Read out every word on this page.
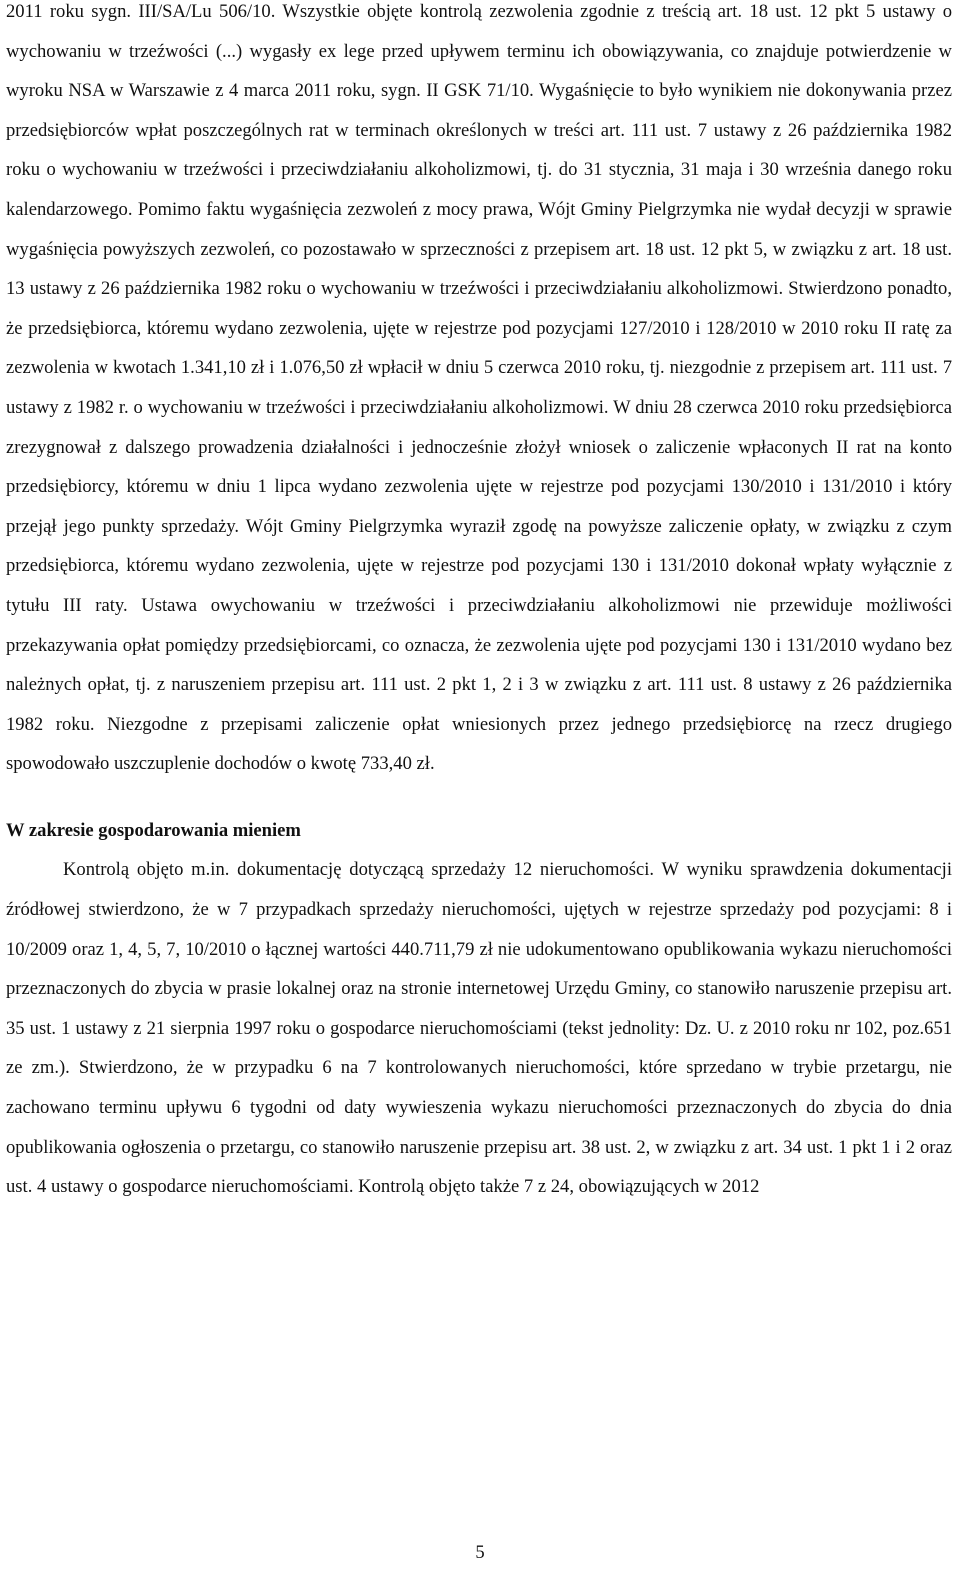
2011 roku sygn. III/SA/Lu 506/10. Wszystkie objęte kontrolą zezwolenia zgodnie z treścią art. 18 ust. 12 pkt 5 ustawy o wychowaniu w trzeźwości (...) wygasły ex lege przed upływem terminu ich obowiązywania, co znajduje potwierdzenie w wyroku NSA w Warszawie z 4 marca 2011 roku, sygn. II GSK 71/10. Wygaśnięcie to było wynikiem nie dokonywania przez przedsiębiorców wpłat poszczególnych rat w terminach określonych w treści art. 111 ust. 7 ustawy z 26 października 1982 roku o wychowaniu w trzeźwości i przeciwdziałaniu alkoholizmowi, tj. do 31 stycznia, 31 maja i 30 września danego roku kalendarzowego. Pomimo faktu wygaśnięcia zezwoleń z mocy prawa, Wójt Gminy Pielgrzymka nie wydał decyzji w sprawie wygaśnięcia powyższych zezwoleń, co pozostawało w sprzeczności z przepisem art. 18 ust. 12 pkt 5, w związku z art. 18 ust. 13 ustawy z 26 października 1982 roku o wychowaniu w trzeźwości i przeciwdziałaniu alkoholizmowi. Stwierdzono ponadto, że przedsiębiorca, któremu wydano zezwolenia, ujęte w rejestrze pod pozycjami 127/2010 i 128/2010 w 2010 roku II ratę za zezwolenia w kwotach 1.341,10 zł i 1.076,50 zł wpłacił w dniu 5 czerwca 2010 roku, tj. niezgodnie z przepisem art. 111 ust. 7 ustawy z 1982 r. o wychowaniu w trzeźwości i przeciwdziałaniu alkoholizmowi. W dniu 28 czerwca 2010 roku przedsiębiorca zrezygnował z dalszego prowadzenia działalności i jednocześnie złożył wniosek o zaliczenie wpłaconych II rat na konto przedsiębiorcy, któremu w dniu 1 lipca wydano zezwolenia ujęte w rejestrze pod pozycjami 130/2010 i 131/2010 i który przejął jego punkty sprzedaży. Wójt Gminy Pielgrzymka wyraził zgodę na powyższe zaliczenie opłaty, w związku z czym przedsiębiorca, któremu wydano zezwolenia, ujęte w rejestrze pod pozycjami 130 i 131/2010 dokonał wpłaty wyłącznie z tytułu III raty. Ustawa owychowaniu w trzeźwości i przeciwdziałaniu alkoholizmowi nie przewiduje możliwości przekazywania opłat pomiędzy przedsiębiorcami, co oznacza, że zezwolenia ujęte pod pozycjami 130 i 131/2010 wydano bez należnych opłat, tj. z naruszeniem przepisu art. 111 ust. 2 pkt 1, 2 i 3 w związku z art. 111 ust. 8 ustawy z 26 października 1982 roku. Niezgodne z przepisami zaliczenie opłat wniesionych przez jednego przedsiębiorcę na rzecz drugiego spowodowało uszczuplenie dochodów o kwotę 733,40 zł.

W zakresie gospodarowania mieniem

Kontrolą objęto m.in. dokumentację dotyczącą sprzedaży 12 nieruchomości. W wyniku sprawdzenia dokumentacji źródłowej stwierdzono, że w 7 przypadkach sprzedaży nieruchomości, ujętych w rejestrze sprzedaży pod pozycjami: 8 i 10/2009 oraz 1, 4, 5, 7, 10/2010 o łącznej wartości 440.711,79 zł nie udokumentowano opublikowania wykazu nieruchomości przeznaczonych do zbycia w prasie lokalnej oraz na stronie internetowej Urzędu Gminy, co stanowiło naruszenie przepisu art. 35 ust. 1 ustawy z 21 sierpnia 1997 roku o gospodarce nieruchomościami (tekst jednolity: Dz. U. z 2010 roku nr 102, poz.651 ze zm.). Stwierdzono, że w przypadku 6 na 7 kontrolowanych nieruchomości, które sprzedano w trybie przetargu, nie zachowano terminu upływu 6 tygodni od daty wywieszenia wykazu nieruchomości przeznaczonych do zbycia do dnia opublikowania ogłoszenia o przetargu, co stanowiło naruszenie przepisu art. 38 ust. 2, w związku z art. 34 ust. 1 pkt 1 i 2 oraz ust. 4 ustawy o gospodarce nieruchomościami. Kontrolą objęto także 7 z 24, obowiązujących w 2012

5
